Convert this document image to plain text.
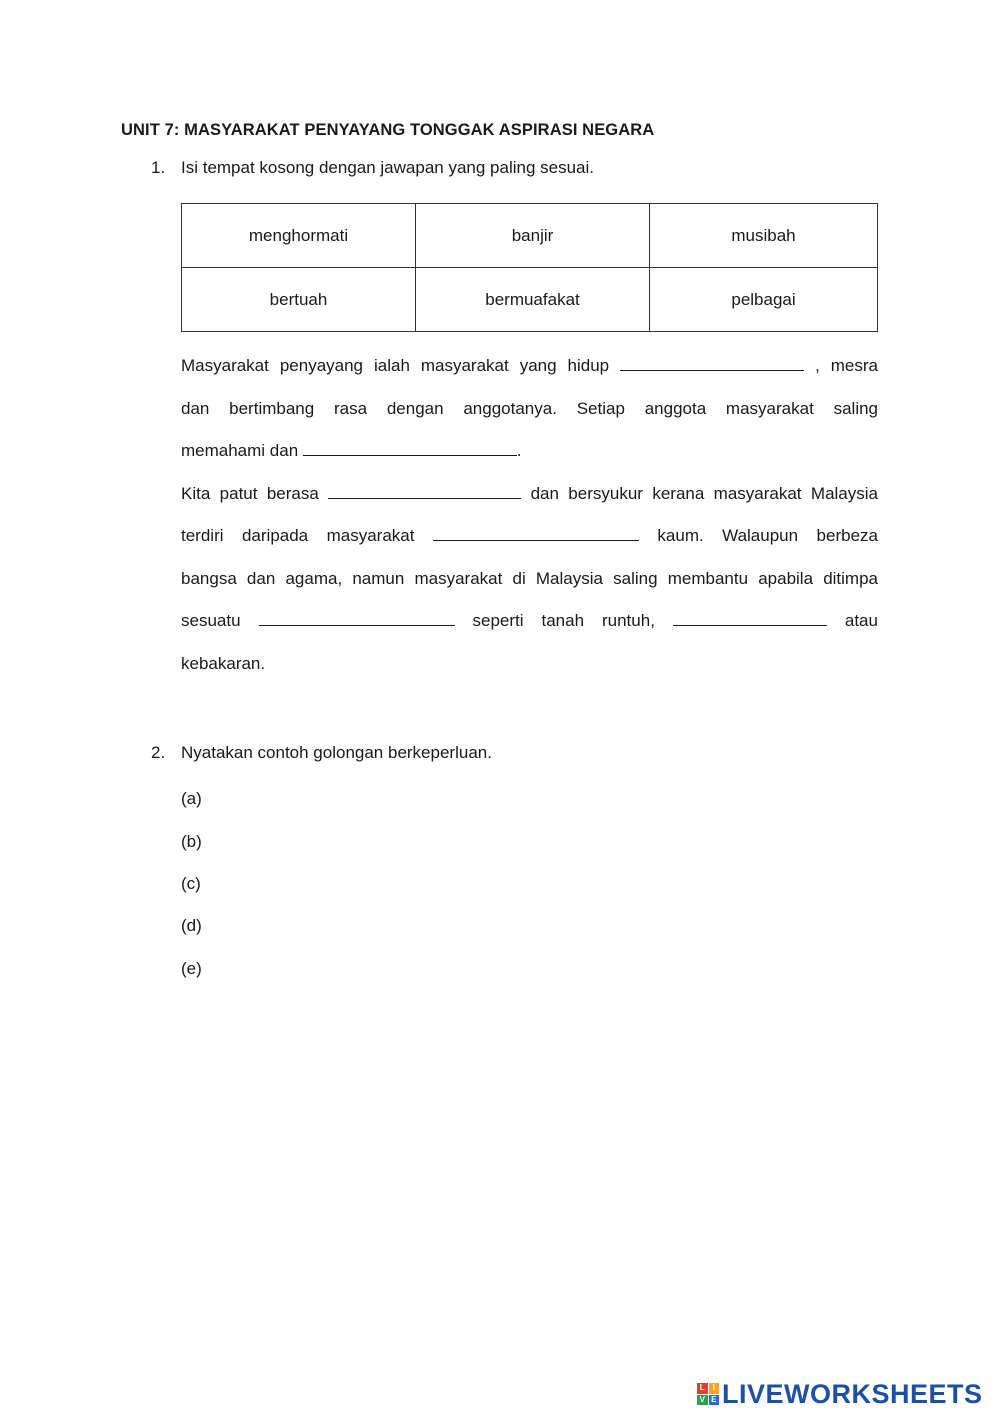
UNIT 7: MASYARAKAT PENYAYANG TONGGAK ASPIRASI NEGARA
1. Isi tempat kosong dengan jawapan yang paling sesuai.
menghormati	banjir	musibah
bertuah	bermuafakat	pelbagai
Masyarakat penyayang ialah masyarakat yang hidup	, mesra
dan bertimbang rasa dengan anggotanya. Setiap anggota masyarakat saling
memahami dan	.
Kita patut berasa	dan bersyukur kerana masyarakat Malaysia
terdiri daripada masyarakat	kaum. Walaupun berbeza
bangsa dan agama, namun masyarakat di Malaysia saling membantu apabila ditimpa
sesuatu	seperti tanah runtuh,	atau
kebakaran.
2. Nyatakan contoh golongan berkeperluan.
(a)
(b)
(c)
(d)
(e)
L I
V E LIVEWORKSHEETS
